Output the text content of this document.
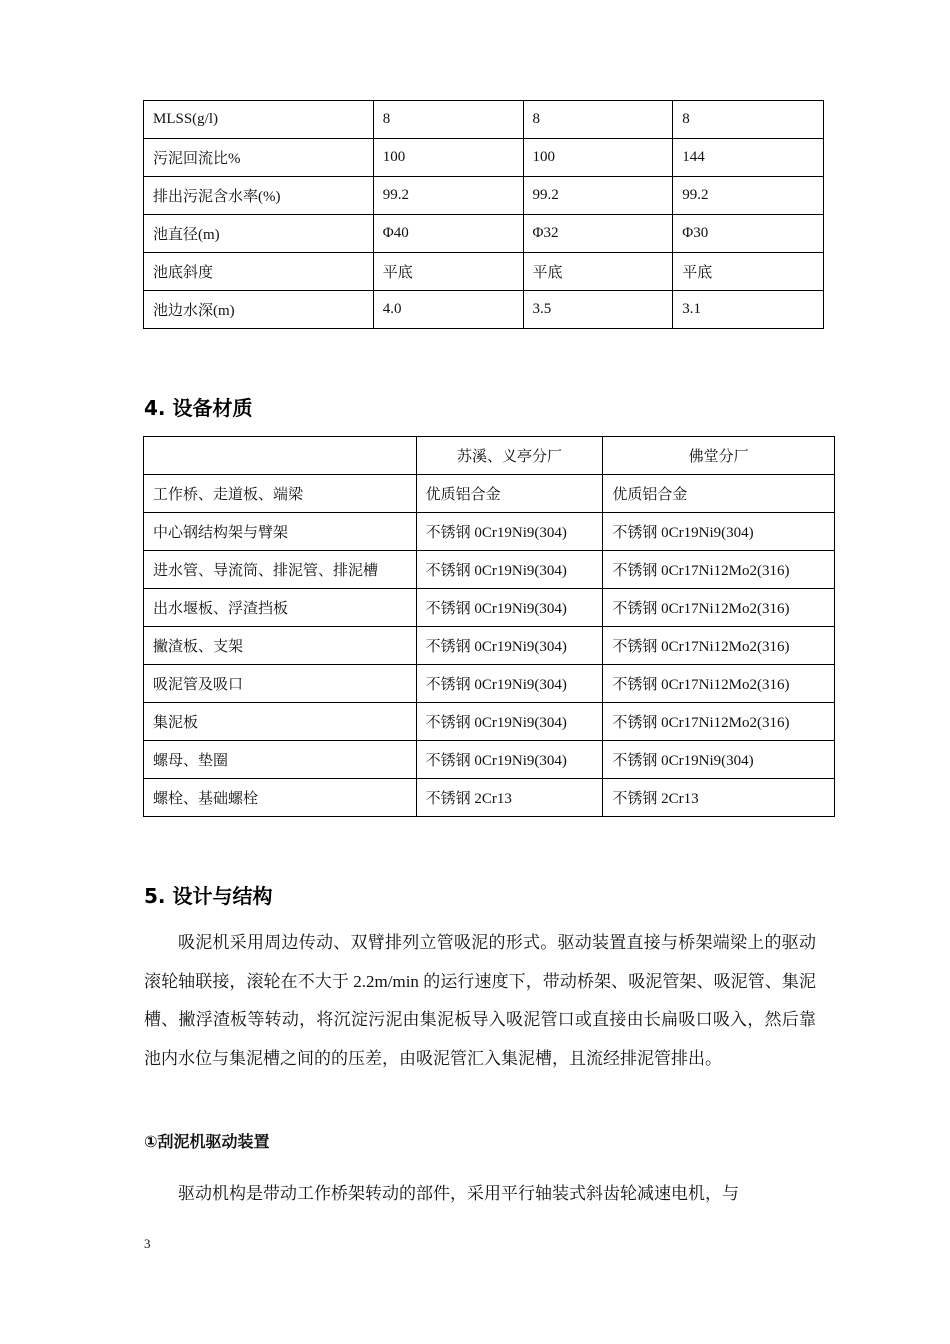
MLSS(g/l)	8	8	8
污泥回流比%	100	100	144
排出污泥含水率(%)	99.2	99.2	99.2
池直径(m)	Φ40	Φ32	Φ30
池底斜度	平底	平底	平底
池边水深(m)	4.0	3.5	3.1
4. 设备材质
	苏溪、义亭分厂	佛堂分厂
工作桥、走道板、端梁	优质铝合金	优质铝合金
中心钢结构架与臂架	不锈钢 0Cr19Ni9(304)	不锈钢 0Cr19Ni9(304)
进水管、导流筒、排泥管、排泥槽	不锈钢 0Cr19Ni9(304)	不锈钢 0Cr17Ni12Mo2(316)
出水堰板、浮渣挡板	不锈钢 0Cr19Ni9(304)	不锈钢 0Cr17Ni12Mo2(316)
撇渣板、支架	不锈钢 0Cr19Ni9(304)	不锈钢 0Cr17Ni12Mo2(316)
吸泥管及吸口	不锈钢 0Cr19Ni9(304)	不锈钢 0Cr17Ni12Mo2(316)
集泥板	不锈钢 0Cr19Ni9(304)	不锈钢 0Cr17Ni12Mo2(316)
螺母、垫圈	不锈钢 0Cr19Ni9(304)	不锈钢 0Cr19Ni9(304)
螺栓、基础螺栓	不锈钢 2Cr13	不锈钢 2Cr13
5. 设计与结构

吸泥机采用周边传动、双臂排列立管吸泥的形式。驱动装置直接与桥架端梁上的驱动滚轮轴联接，滚轮在不大于 2.2m/min 的运行速度下，带动桥架、吸泥管架、吸泥管、集泥槽、撇浮渣板等转动，将沉淀污泥由集泥板导入吸泥管口或直接由长扁吸口吸入，然后靠池内水位与集泥槽之间的的压差，由吸泥管汇入集泥槽，且流经排泥管排出。

①刮泥机驱动装置

驱动机构是带动工作桥架转动的部件，采用平行轴装式斜齿轮减速电机，与

3
